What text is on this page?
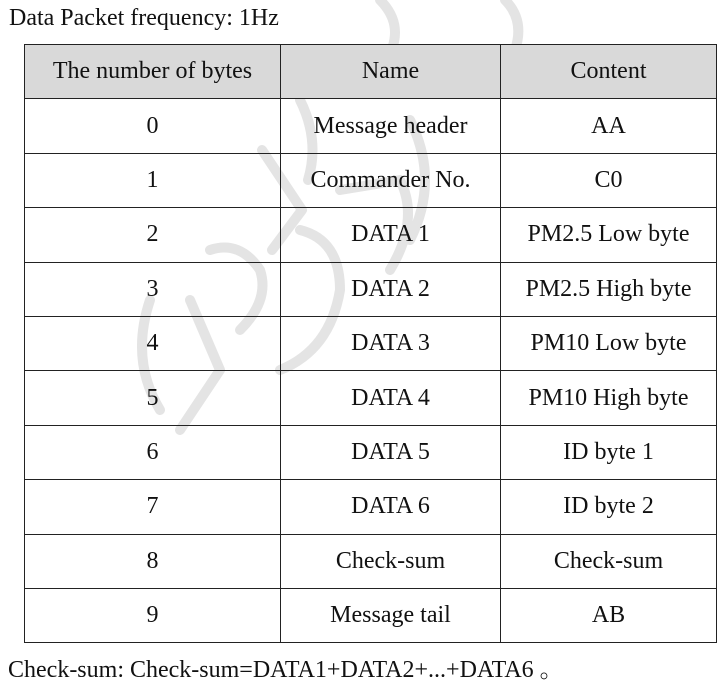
Data Packet frequency: 1Hz
The number of bytes	Name	Content
0	Message header	AA
1	Commander No.	C0
2	DATA 1	PM2.5 Low byte
3	DATA 2	PM2.5 High byte
4	DATA 3	PM10 Low byte
5	DATA 4	PM10 High byte
6	DATA 5	ID byte 1
7	DATA 6	ID byte 2
8	Check-sum	Check-sum
9	Message tail	AB
Check-sum: Check-sum=DATA1+DATA2+...+DATA6 。
